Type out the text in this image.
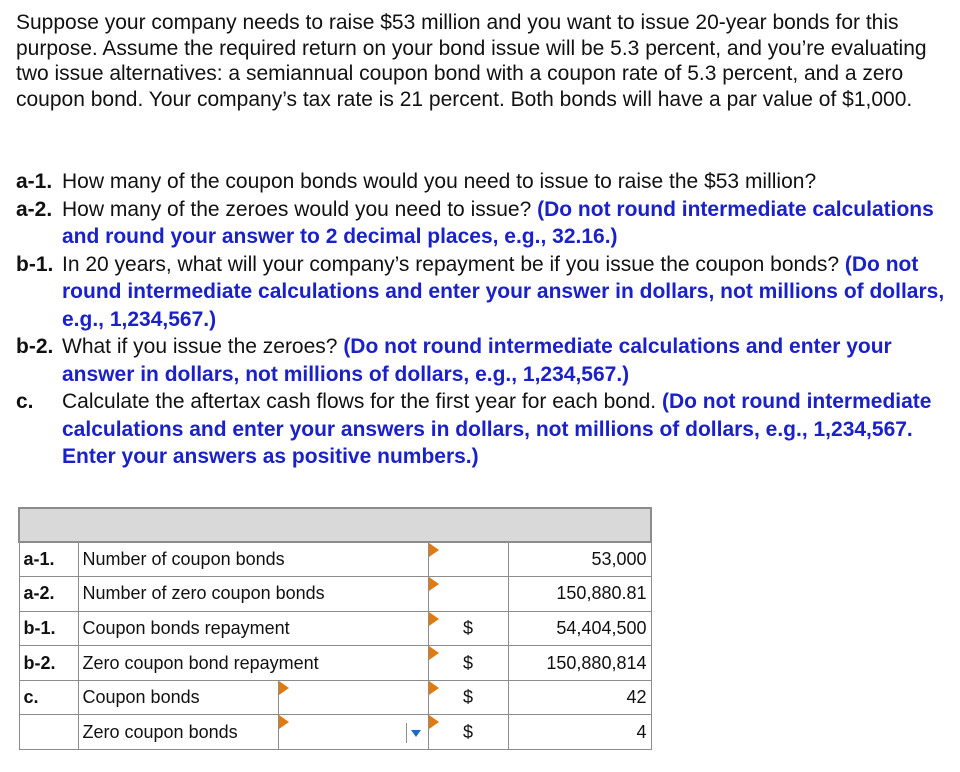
Suppose your company needs to raise $53 million and you want to issue 20-year bonds for this purpose. Assume the required return on your bond issue will be 5.3 percent, and you’re evaluating two issue alternatives: a semiannual coupon bond with a coupon rate of 5.3 percent, and a zero coupon bond. Your company’s tax rate is 21 percent. Both bonds will have a par value of $1,000.
a-1. How many of the coupon bonds would you need to issue to raise the $53 million?
a-2. How many of the zeroes would you need to issue? (Do not round intermediate calculations and round your answer to 2 decimal places, e.g., 32.16.)
b-1. In 20 years, what will your company’s repayment be if you issue the coupon bonds? (Do not round intermediate calculations and enter your answer in dollars, not millions of dollars, e.g., 1,234,567.)
b-2. What if you issue the zeroes? (Do not round intermediate calculations and enter your answer in dollars, not millions of dollars, e.g., 1,234,567.)
c.	Calculate the aftertax cash flows for the first year for each bond. (Do not round intermediate calculations and enter your answers in dollars, not millions of dollars, e.g., 1,234,567. Enter your answers as positive numbers.)

a-1.	Number of coupon bonds			53,000
a-2.	Number of zero coupon bonds			150,880.81
b-1.	Coupon bonds repayment		$	54,404,500
b-2.	Zero coupon bond repayment		$	150,880,814
c.	Coupon bonds		$	42
	Zero coupon bonds		$	4
